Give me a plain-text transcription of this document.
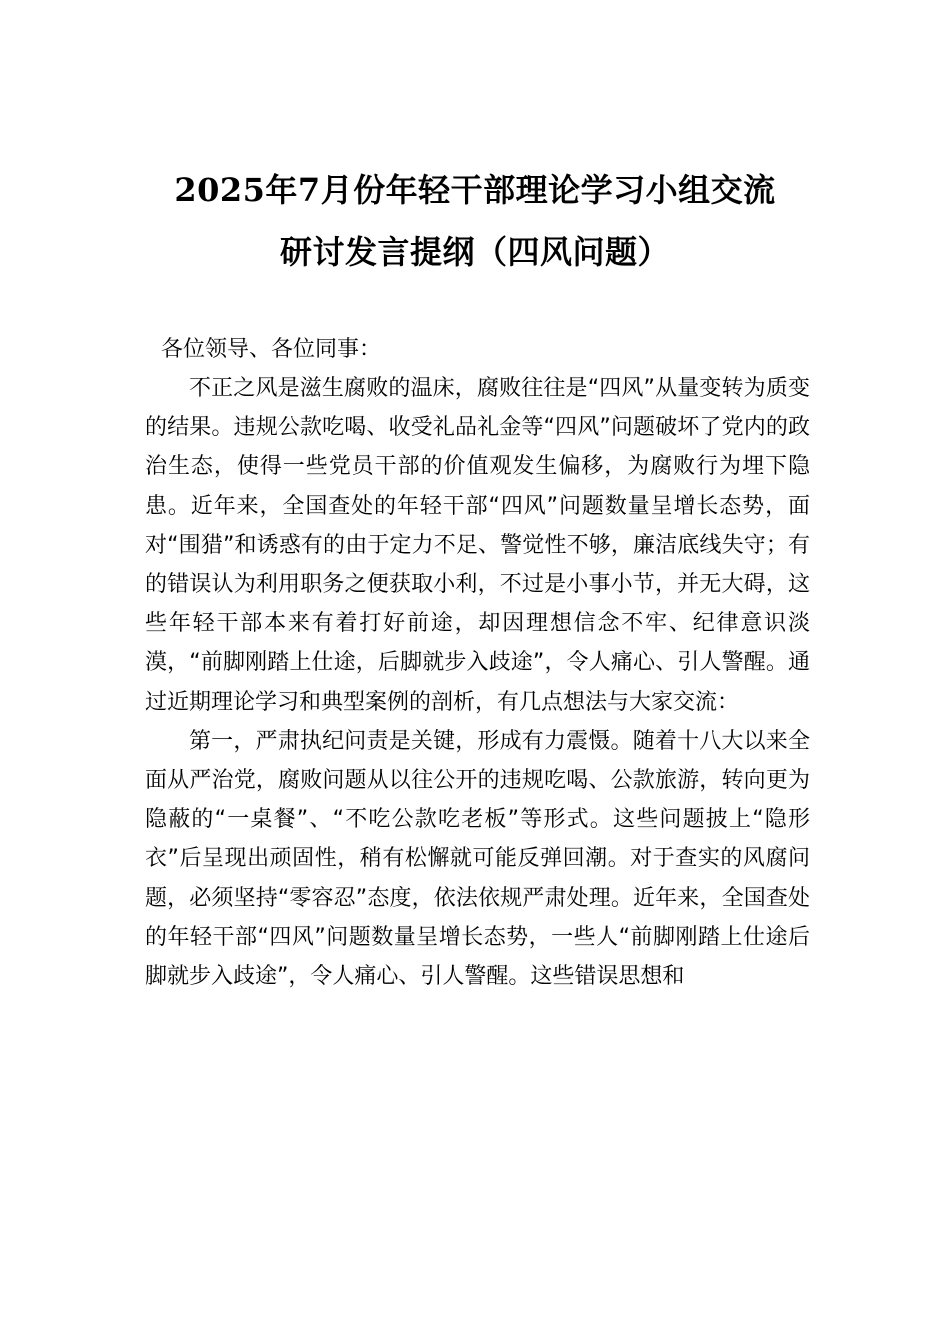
2025年7月份年轻干部理论学习小组交流
研讨发言提纲（四风问题）

各位领导、各位同事：

不正之风是滋生腐败的温床，腐败往往是“四风”从量变转为质变的结果。违规公款吃喝、收受礼品礼金等“四风”问题破坏了党内的政治生态，使得一些党员干部的价值观发生偏移，为腐败行为埋下隐患。近年来，全国查处的年轻干部“四风”问题数量呈增长态势，面对“围猎”和诱惑有的由于定力不足、警觉性不够，廉洁底线失守；有的错误认为利用职务之便获取小利，不过是小事小节，并无大碍，这些年轻干部本来有着打好前途，却因理想信念不牢、纪律意识淡漠，“前脚刚踏上仕途，后脚就步入歧途”，令人痛心、引人警醒。通过近期理论学习和典型案例的剖析，有几点想法与大家交流：

第一，严肃执纪问责是关键，形成有力震慑。随着十八大以来全面从严治党，腐败问题从以往公开的违规吃喝、公款旅游，转向更为隐蔽的“一桌餐”、“不吃公款吃老板”等形式。这些问题披上“隐形衣”后呈现出顽固性，稍有松懈就可能反弹回潮。对于查实的风腐问题，必须坚持“零容忍”态度，依法依规严肃处理。近年来，全国查处的年轻干部“四风”问题数量呈增长态势，一些人“前脚刚踏上仕途后脚就步入歧途”，令人痛心、引人警醒。这些错误思想和
